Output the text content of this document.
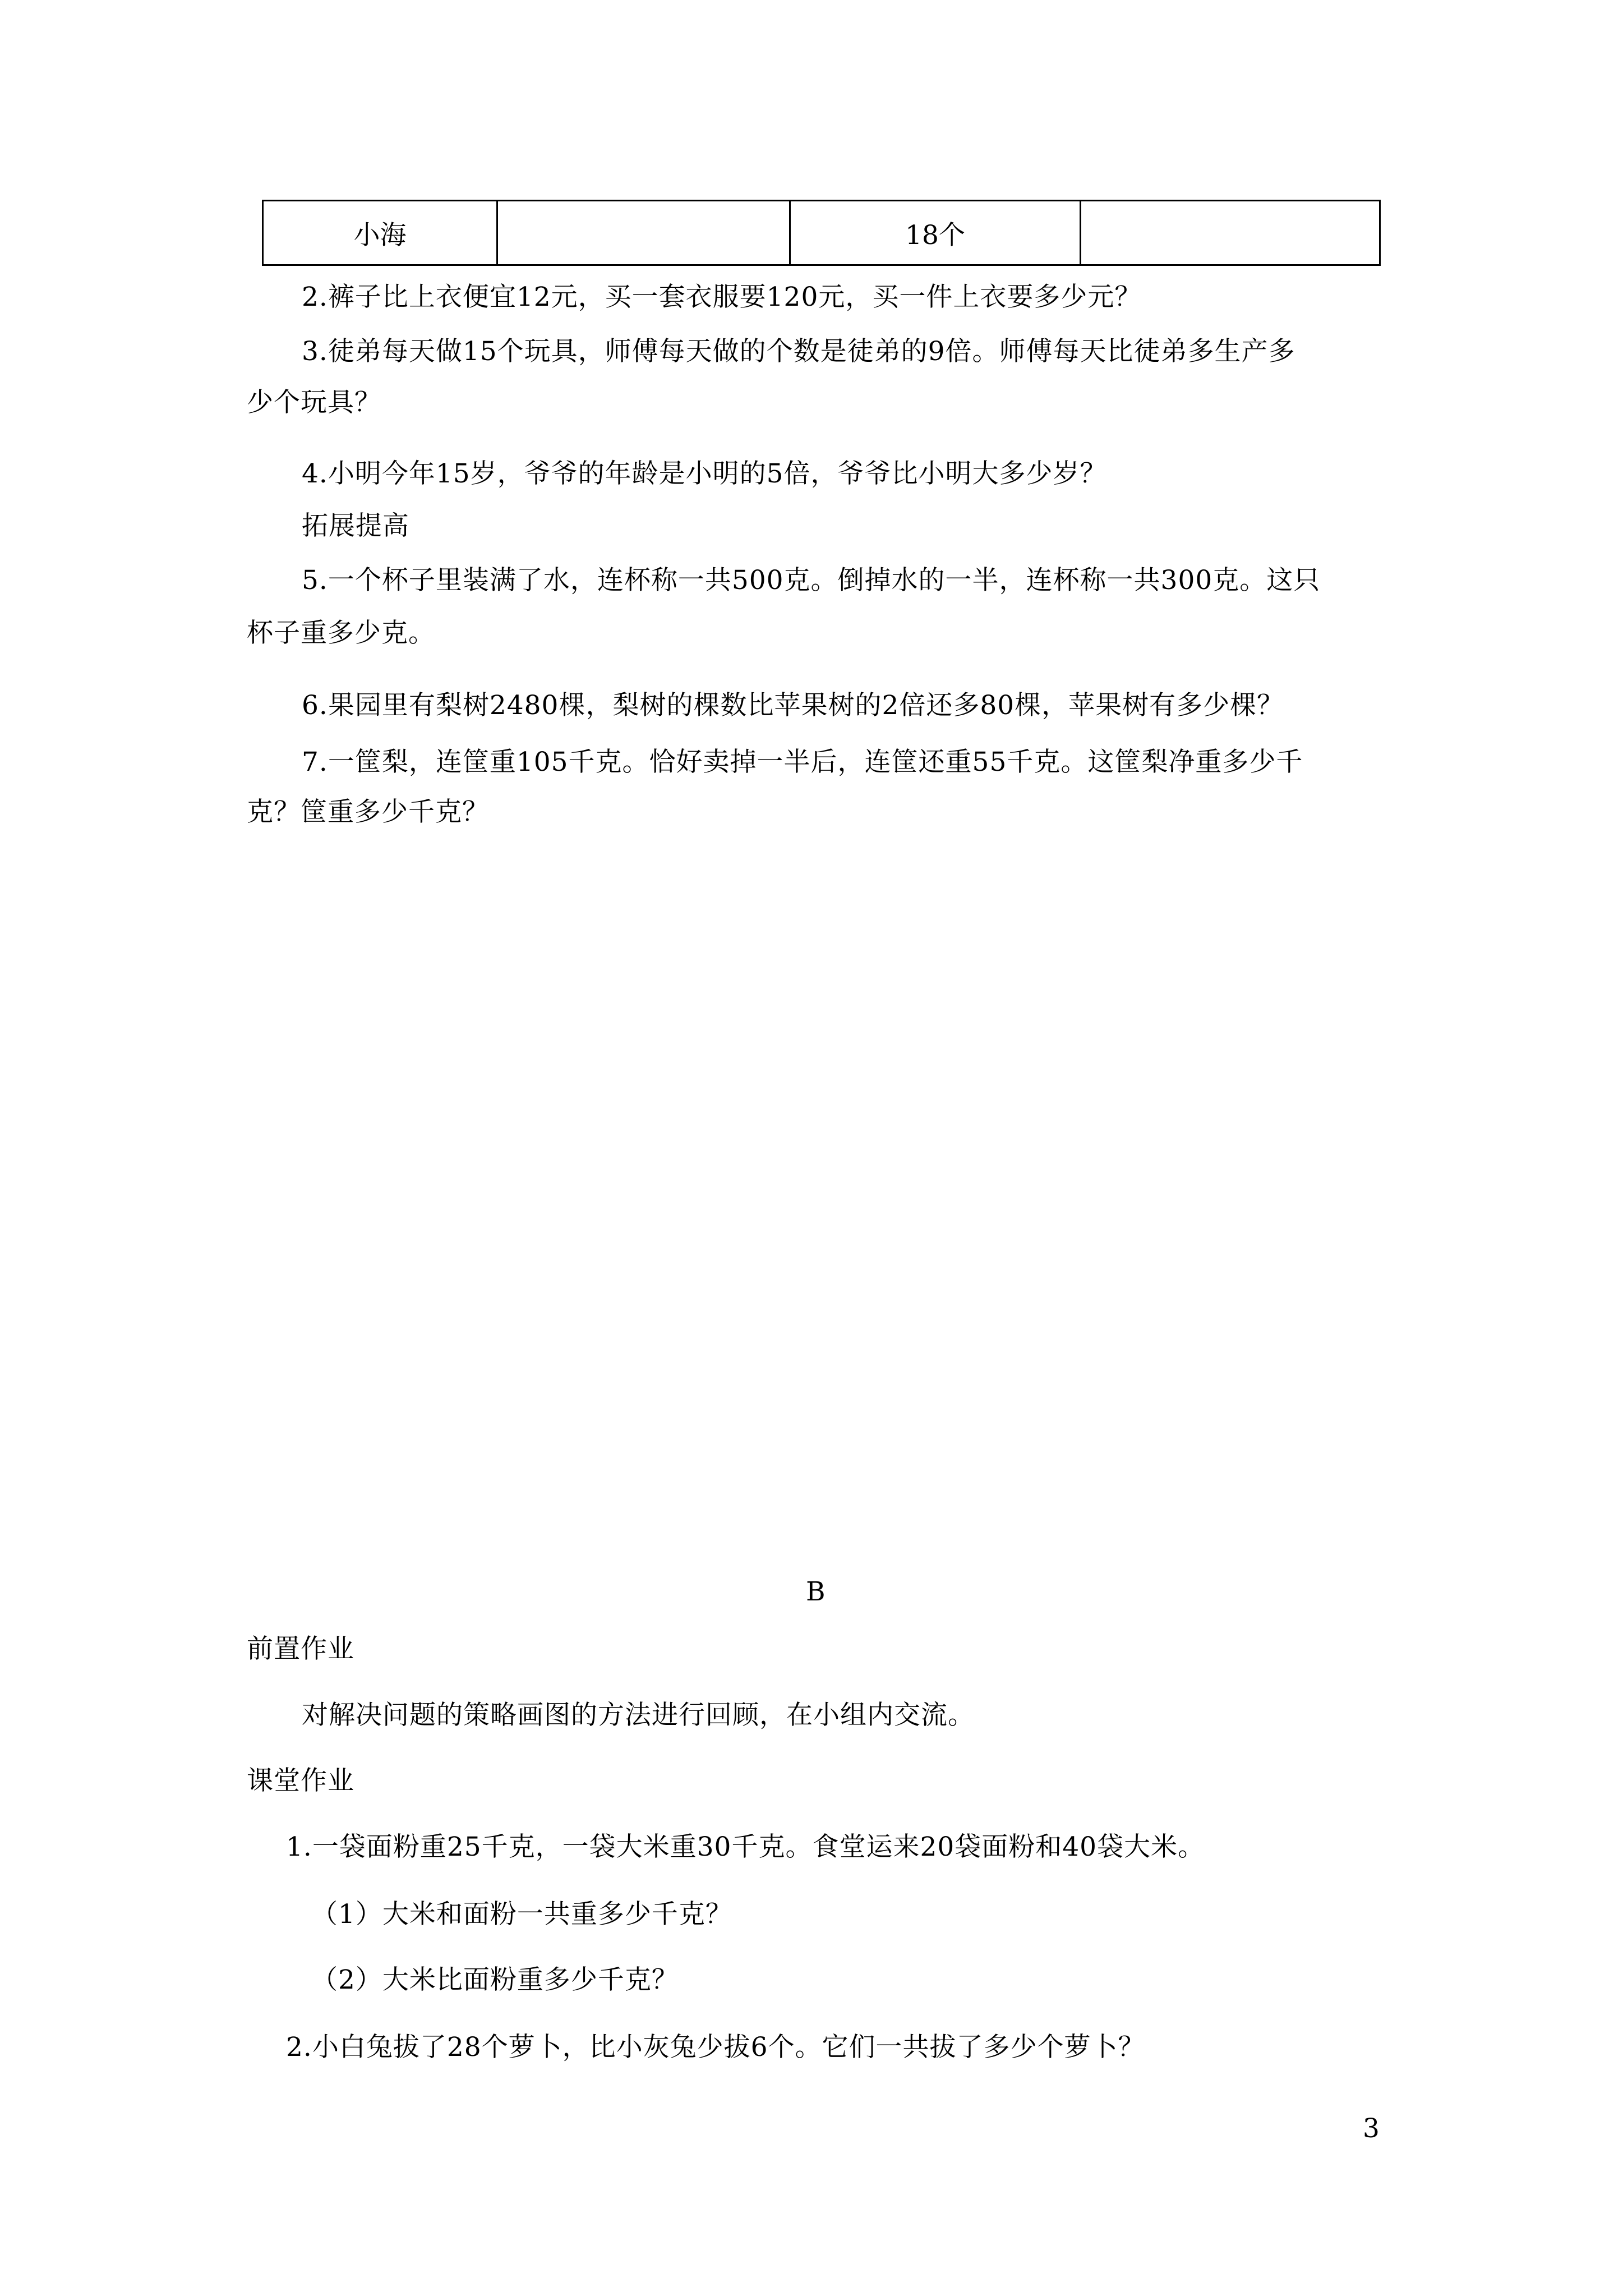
小海		18个	
2.裤子比上衣便宜12元，买一套衣服要120元，买一件上衣要多少元？
3.徒弟每天做15个玩具，师傅每天做的个数是徒弟的9倍。师傅每天比徒弟多生产多
少个玩具？
4.小明今年15岁，爷爷的年龄是小明的5倍，爷爷比小明大多少岁？
拓展提高
5.一个杯子里装满了水，连杯称一共500克。倒掉水的一半，连杯称一共300克。这只
杯子重多少克。
6.果园里有梨树2480棵，梨树的棵数比苹果树的2倍还多80棵，苹果树有多少棵？
7.一筐梨，连筐重105千克。恰好卖掉一半后，连筐还重55千克。这筐梨净重多少千
克？筐重多少千克？
B
前置作业
对解决问题的策略画图的方法进行回顾，在小组内交流。
课堂作业
1.一袋面粉重25千克，一袋大米重30千克。食堂运来20袋面粉和40袋大米。
（1）大米和面粉一共重多少千克？
（2）大米比面粉重多少千克？
2.小白兔拔了28个萝卜，比小灰兔少拔6个。它们一共拔了多少个萝卜？
3
